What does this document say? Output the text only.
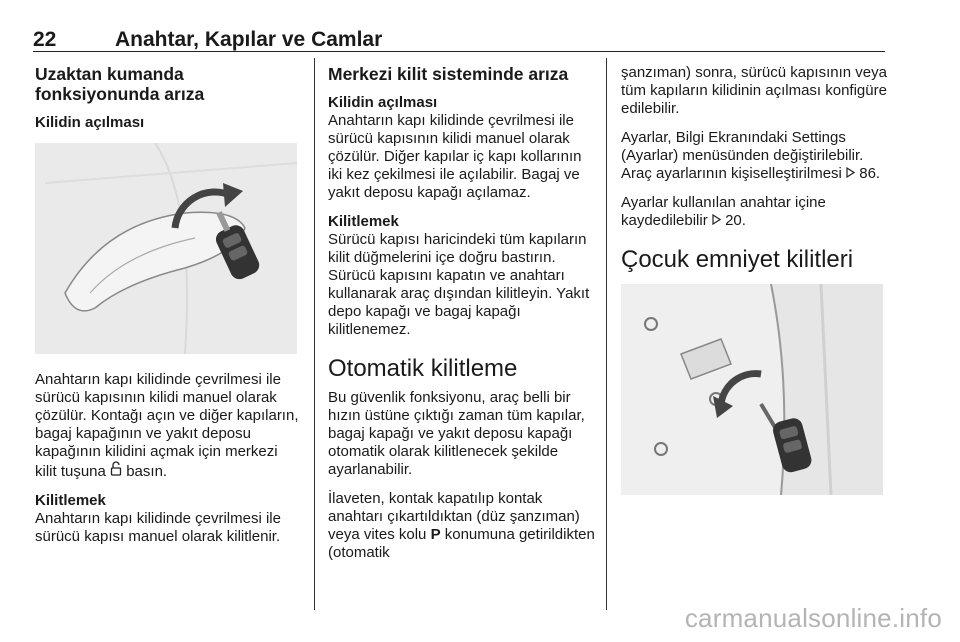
22	Anahtar, Kapılar ve Camlar
Uzaktan kumanda fonksiyonunda arıza
Kilidin açılması

Anahtarın kapı kilidinde çevrilmesi ile sürücü kapısının kilidi manuel olarak çözülür. Kontağı açın ve diğer kapıların, bagaj kapağının ve yakıt deposu kapağının kilidini açmak için merkezi kilit tuşuna basın.

Kilitlemek

Anahtarın kapı kilidinde çevrilmesi ile sürücü kapısı manuel olarak kilitlenir.

Merkezi kilit sisteminde arıza
Kilidin açılması

Anahtarın kapı kilidinde çevrilmesi ile sürücü kapısının kilidi manuel olarak çözülür. Diğer kapılar iç kapı kollarının iki kez çekilmesi ile açılabilir. Bagaj ve yakıt deposu kapağı açılamaz.

Kilitlemek

Sürücü kapısı haricindeki tüm kapıların kilit düğmelerini içe doğru bastırın. Sürücü kapısını kapatın ve anahtarı kullanarak araç dışından kilitleyin. Yakıt depo kapağı ve bagaj kapağı kilitlenemez.

Otomatik kilitleme

Bu güvenlik fonksiyonu, araç belli bir hızın üstüne çıktığı zaman tüm kapılar, bagaj kapağı ve yakıt deposu kapağı otomatik olarak kilitlenecek şekilde ayarlanabilir.

İlaveten, kontak kapatılıp kontak anahtarı çıkartıldıktan (düz şanzıman) veya vites kolu P konumuna getirildikten (otomatik

şanzıman) sonra, sürücü kapısının veya tüm kapıların kilidinin açılması konfigüre edilebilir.

Ayarlar, Bilgi Ekranındaki Settings (Ayarlar) menüsünden değiştirilebilir. Araç ayarlarının kişiselleştirilmesi 86.

Ayarlar kullanılan anahtar içine kaydedilebilir 20.

Çocuk emniyet kilitleri
carmanualsonline.info
